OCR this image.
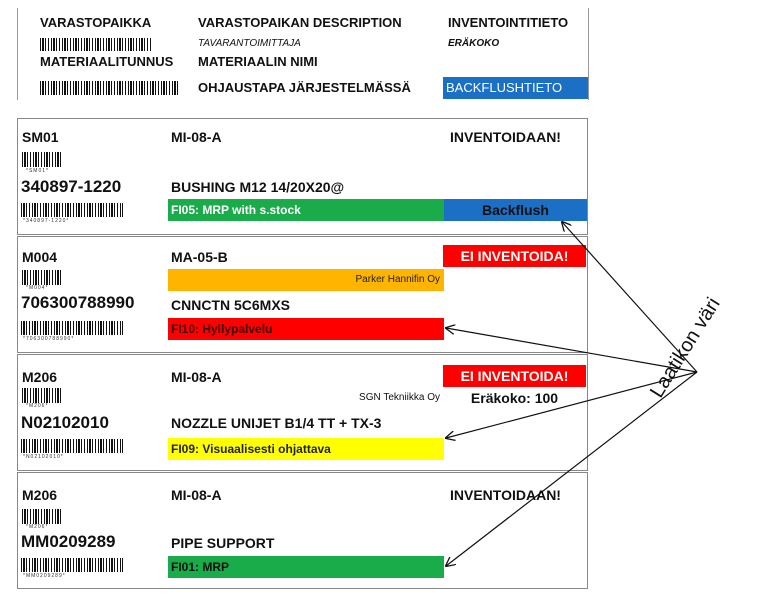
VARASTOPAIKKA	VARASTOPAIKAN DESCRIPTION	INVENTOINTITIETO
TAVARANTOIMITTAJA	ERÄKOKO
MATERIAALITUNNUS MATERIAALIN NIMI
OHJAUSTAPA JÄRJESTELMÄSSÄ	BACKFLUSHTIETO
SM01
*SM01*
MI-08-A	INVENTOIDAAN!
340897-1220	BUSHING M12 14/20X20@
*340897-1220*
FI05: MRP with s.stock	Backflush
M004
*M004*
MA-05-B	EI INVENTOIDA!
Parker Hannifin Oy
706300788990	CNNCTN 5C6MXS
*706300788990*
FI10: Hyllypalvelu
M206
*M206*
MI-08-A	EI INVENTOIDA!
SGN Tekniikka Oy	Eräkoko: 100
N02102010	NOZZLE UNIJET B1/4 TT + TX-3
*N02102010*
FI09: Visuaalisesti ohjattava
M206
*M206*
MI-08-A	INVENTOIDAAN!
MM0209289	PIPE SUPPORT
*MM0209289*
FI01: MRP
Laatikon väri
